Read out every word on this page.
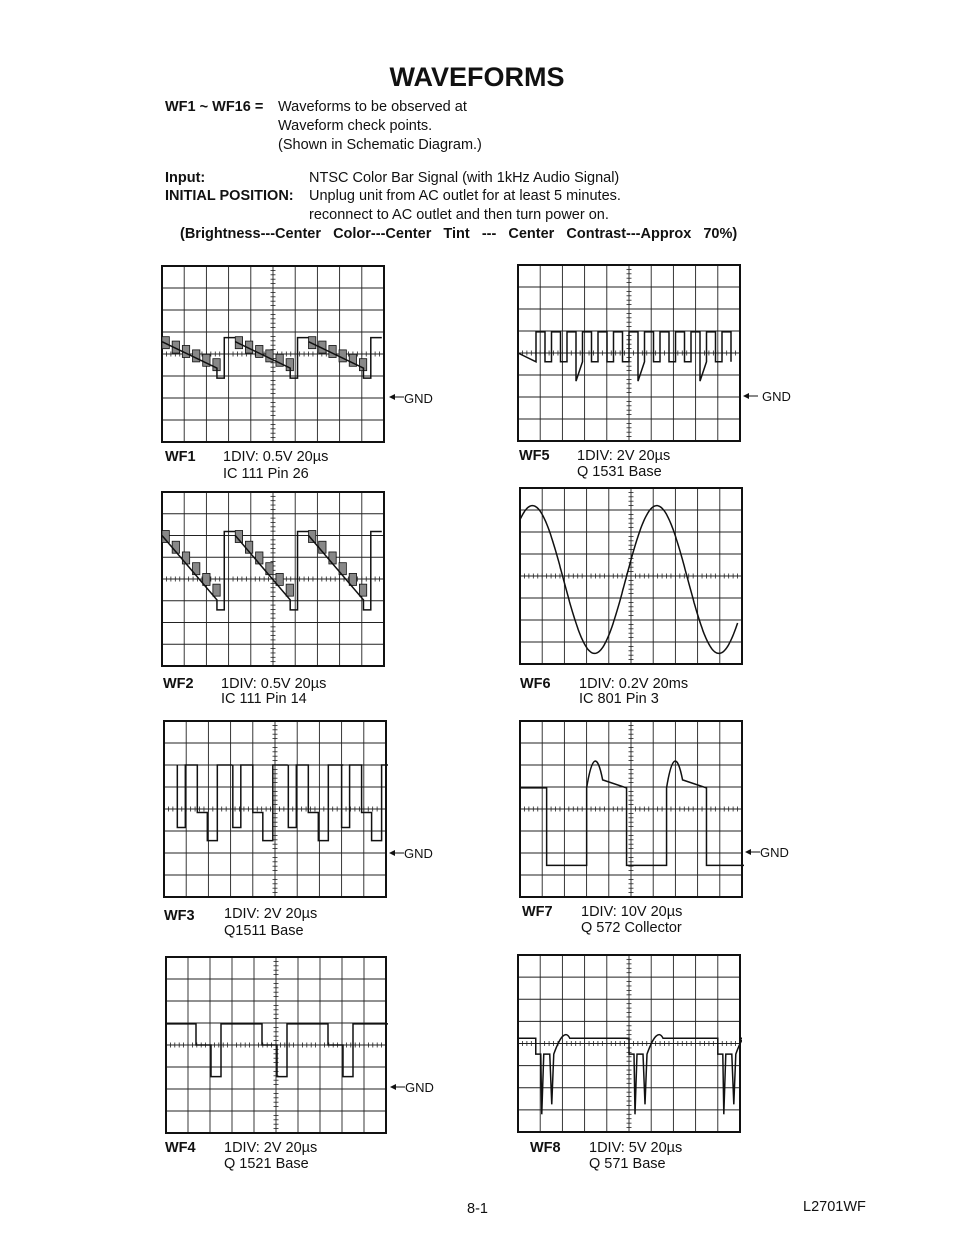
WAVEFORMS
WF1 ~ WF16 = Waveforms to be observed at
Waveform check points.
(Shown in Schematic Diagram.)
Input:	NTSC Color Bar Signal (with 1kHz Audio Signal)
INITIAL POSITION: Unplug unit from AC outlet for at least 5 minutes.
reconnect to AC outlet and then turn power on.
(Brightness---Center   Color---Center   Tint   ---   Center   Contrast---Approx   70%)
GND
GND
GND
GND
GND
WF1 1DIV: 0.5V 20µs
IC 111 Pin 26
WF2 1DIV: 0.5V 20µs
IC 111 Pin 14
WF3 1DIV: 2V 20µs
Q1511 Base
WF4 1DIV: 2V 20µs
Q 1521 Base
WF5 1DIV: 2V 20µs
Q 1531 Base
WF6 1DIV: 0.2V 20ms
IC 801 Pin 3
WF7 1DIV: 10V 20µs
Q 572 Collector
WF8 1DIV: 5V 20µs
Q 571 Base
8-1	L2701WF
